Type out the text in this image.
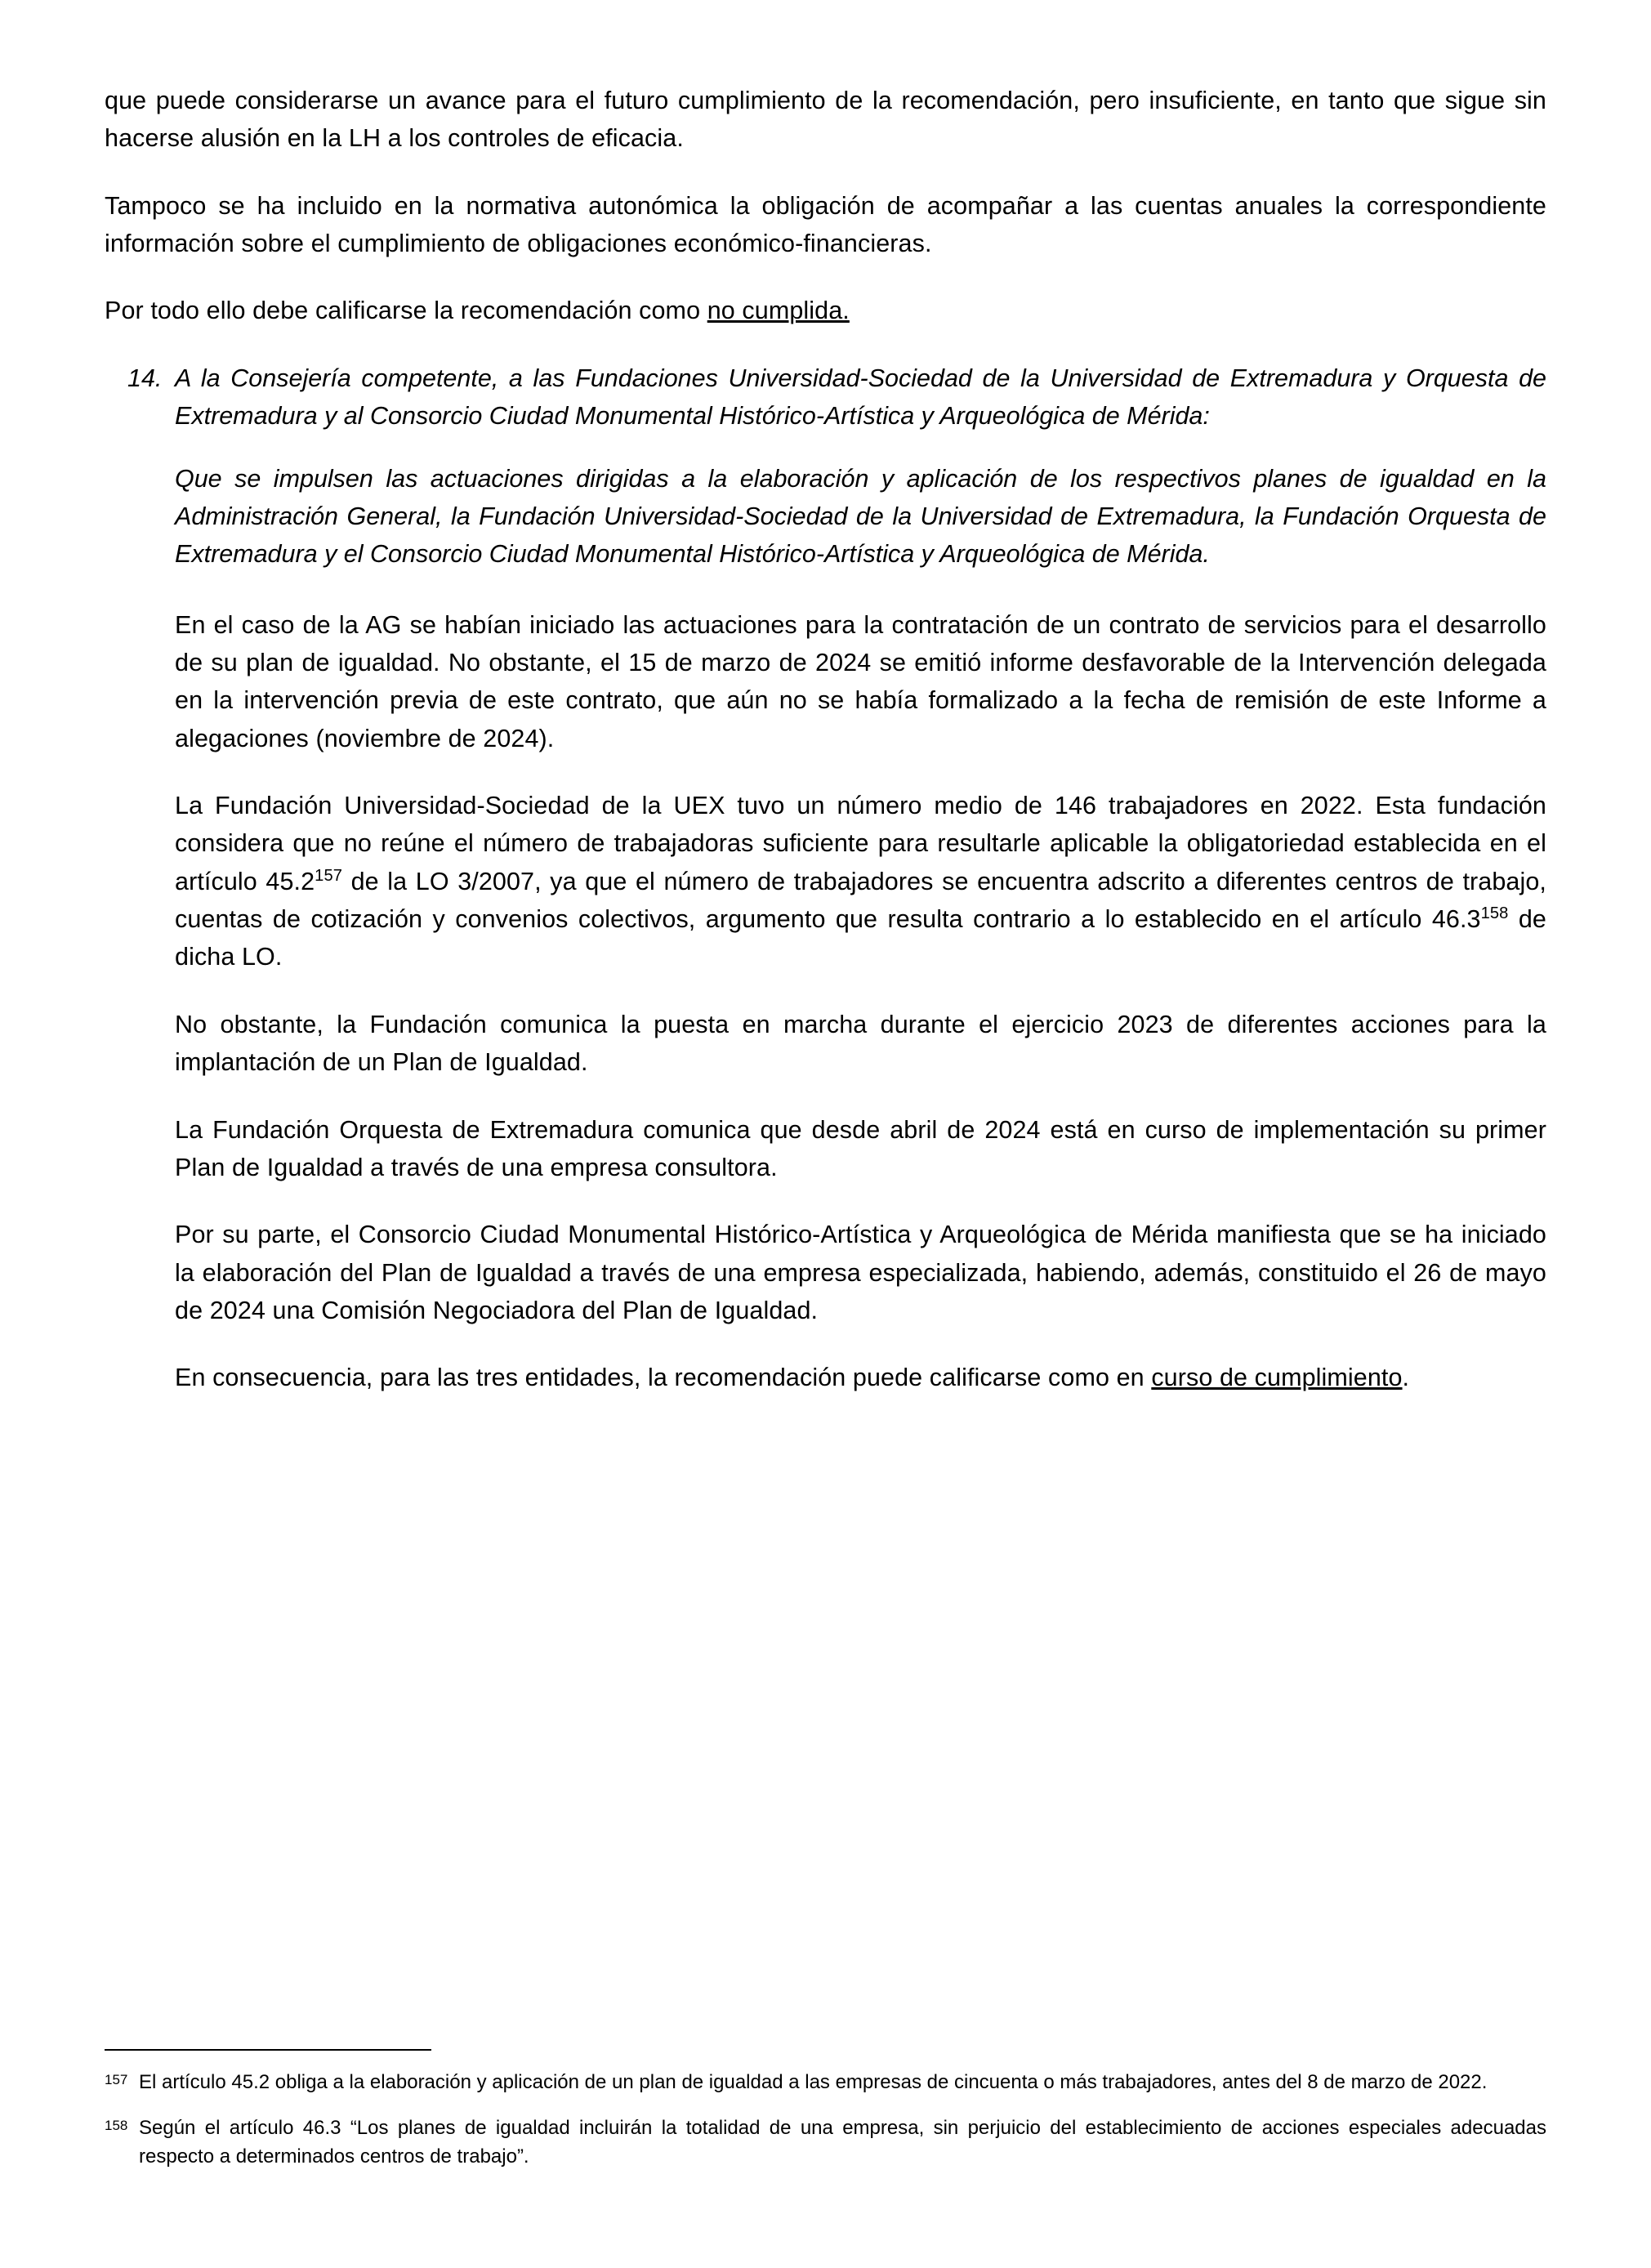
que puede considerarse un avance para el futuro cumplimiento de la recomendación, pero insuficiente, en tanto que sigue sin hacerse alusión en la LH a los controles de eficacia.

Tampoco se ha incluido en la normativa autonómica la obligación de acompañar a las cuentas anuales la correspondiente información sobre el cumplimiento de obligaciones económico-financieras.

Por todo ello debe calificarse la recomendación como no cumplida.

14. A la Consejería competente, a las Fundaciones Universidad-Sociedad de la Universidad de Extremadura y Orquesta de Extremadura y al Consorcio Ciudad Monumental Histórico-Artística y Arqueológica de Mérida:
Que se impulsen las actuaciones dirigidas a la elaboración y aplicación de los respectivos planes de igualdad en la Administración General, la Fundación Universidad-Sociedad de la Universidad de Extremadura, la Fundación Orquesta de Extremadura y el Consorcio Ciudad Monumental Histórico-Artística y Arqueológica de Mérida.

En el caso de la AG se habían iniciado las actuaciones para la contratación de un contrato de servicios para el desarrollo de su plan de igualdad. No obstante, el 15 de marzo de 2024 se emitió informe desfavorable de la Intervención delegada en la intervención previa de este contrato, que aún no se había formalizado a la fecha de remisión de este Informe a alegaciones (noviembre de 2024).

La Fundación Universidad-Sociedad de la UEX tuvo un número medio de 146 trabajadores en 2022. Esta fundación considera que no reúne el número de trabajadoras suficiente para resultarle aplicable la obligatoriedad establecida en el artículo 45.2$^{157}$ de la LO 3/2007, ya que el número de trabajadores se encuentra adscrito a diferentes centros de trabajo, cuentas de cotización y convenios colectivos, argumento que resulta contrario a lo establecido en el artículo 46.3$^{158}$ de dicha LO.

No obstante, la Fundación comunica la puesta en marcha durante el ejercicio 2023 de diferentes acciones para la implantación de un Plan de Igualdad.

La Fundación Orquesta de Extremadura comunica que desde abril de 2024 está en curso de implementación su primer Plan de Igualdad a través de una empresa consultora.

Por su parte, el Consorcio Ciudad Monumental Histórico-Artística y Arqueológica de Mérida manifiesta que se ha iniciado la elaboración del Plan de Igualdad a través de una empresa especializada, habiendo, además, constituido el 26 de mayo de 2024 una Comisión Negociadora del Plan de Igualdad.

En consecuencia, para las tres entidades, la recomendación puede calificarse como en curso de cumplimiento.

157 El artículo 45.2 obliga a la elaboración y aplicación de un plan de igualdad a las empresas de cincuenta o más trabajadores, antes del 8 de marzo de 2022.
158 Según el artículo 46.3 “Los planes de igualdad incluirán la totalidad de una empresa, sin perjuicio del establecimiento de acciones especiales adecuadas respecto a determinados centros de trabajo”.
